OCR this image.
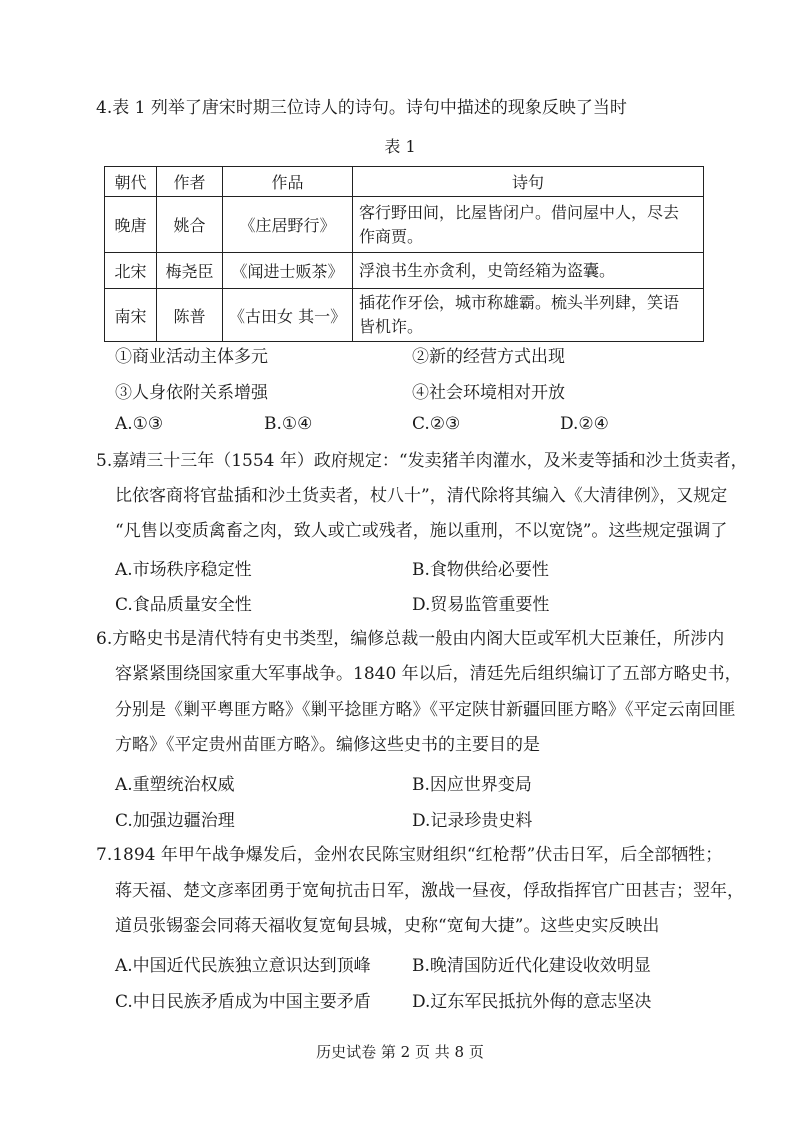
4.表 1 列举了唐宋时期三位诗人的诗句。诗句中描述的现象反映了当时
表 1
朝代	作者	作品	诗句
晚唐	姚合	《庄居野行》	客行野田间，比屋皆闭户。借问屋中人，尽去
作商贾。

北宋	梅尧臣	《闻进士贩茶》	浮浪书生亦贪利，史笥经箱为盗囊。
南宋	陈普	《古田女 其一》	插花作牙侩，城市称雄霸。梳头半列肆，笑语
皆机诈。
①商业活动主体多元	②新的经营方式出现
③人身依附关系增强	④社会环境相对开放
A.①③	B.①④	C.②③	D.②④
5.嘉靖三十三年（1554 年）政府规定：“发卖猪羊肉灌水，及米麦等插和沙土货卖者，
比依客商将官盐插和沙土货卖者，杖八十”，清代除将其编入《大清律例》，又规定
“凡售以变质禽畜之肉，致人或亡或残者，施以重刑，不以宽饶”。这些规定强调了
A.市场秩序稳定性	B.食物供给必要性
C.食品质量安全性	D.贸易监管重要性
6.方略史书是清代特有史书类型，编修总裁一般由内阁大臣或军机大臣兼任，所涉内
容紧紧围绕国家重大军事战争。1840 年以后，清廷先后组织编订了五部方略史书，
分别是《剿平粤匪方略》《剿平捻匪方略》《平定陕甘新疆回匪方略》《平定云南回匪
方略》《平定贵州苗匪方略》。编修这些史书的主要目的是
A.重塑统治权威	B.因应世界变局
C.加强边疆治理	D.记录珍贵史料
7.1894 年甲午战争爆发后，金州农民陈宝财组织“红枪帮”伏击日军，后全部牺牲；
蒋天福、楚文彦率团勇于宽甸抗击日军，激战一昼夜，俘敌指挥官广田甚吉；翌年，
道员张锡銮会同蒋天福收复宽甸县城，史称“宽甸大捷”。这些史实反映出
A.中国近代民族独立意识达到顶峰 B.晚清国防近代化建设收效明显
C.中日民族矛盾成为中国主要矛盾 D.辽东军民抵抗外侮的意志坚决
历史试卷 第 2 页 共 8 页
